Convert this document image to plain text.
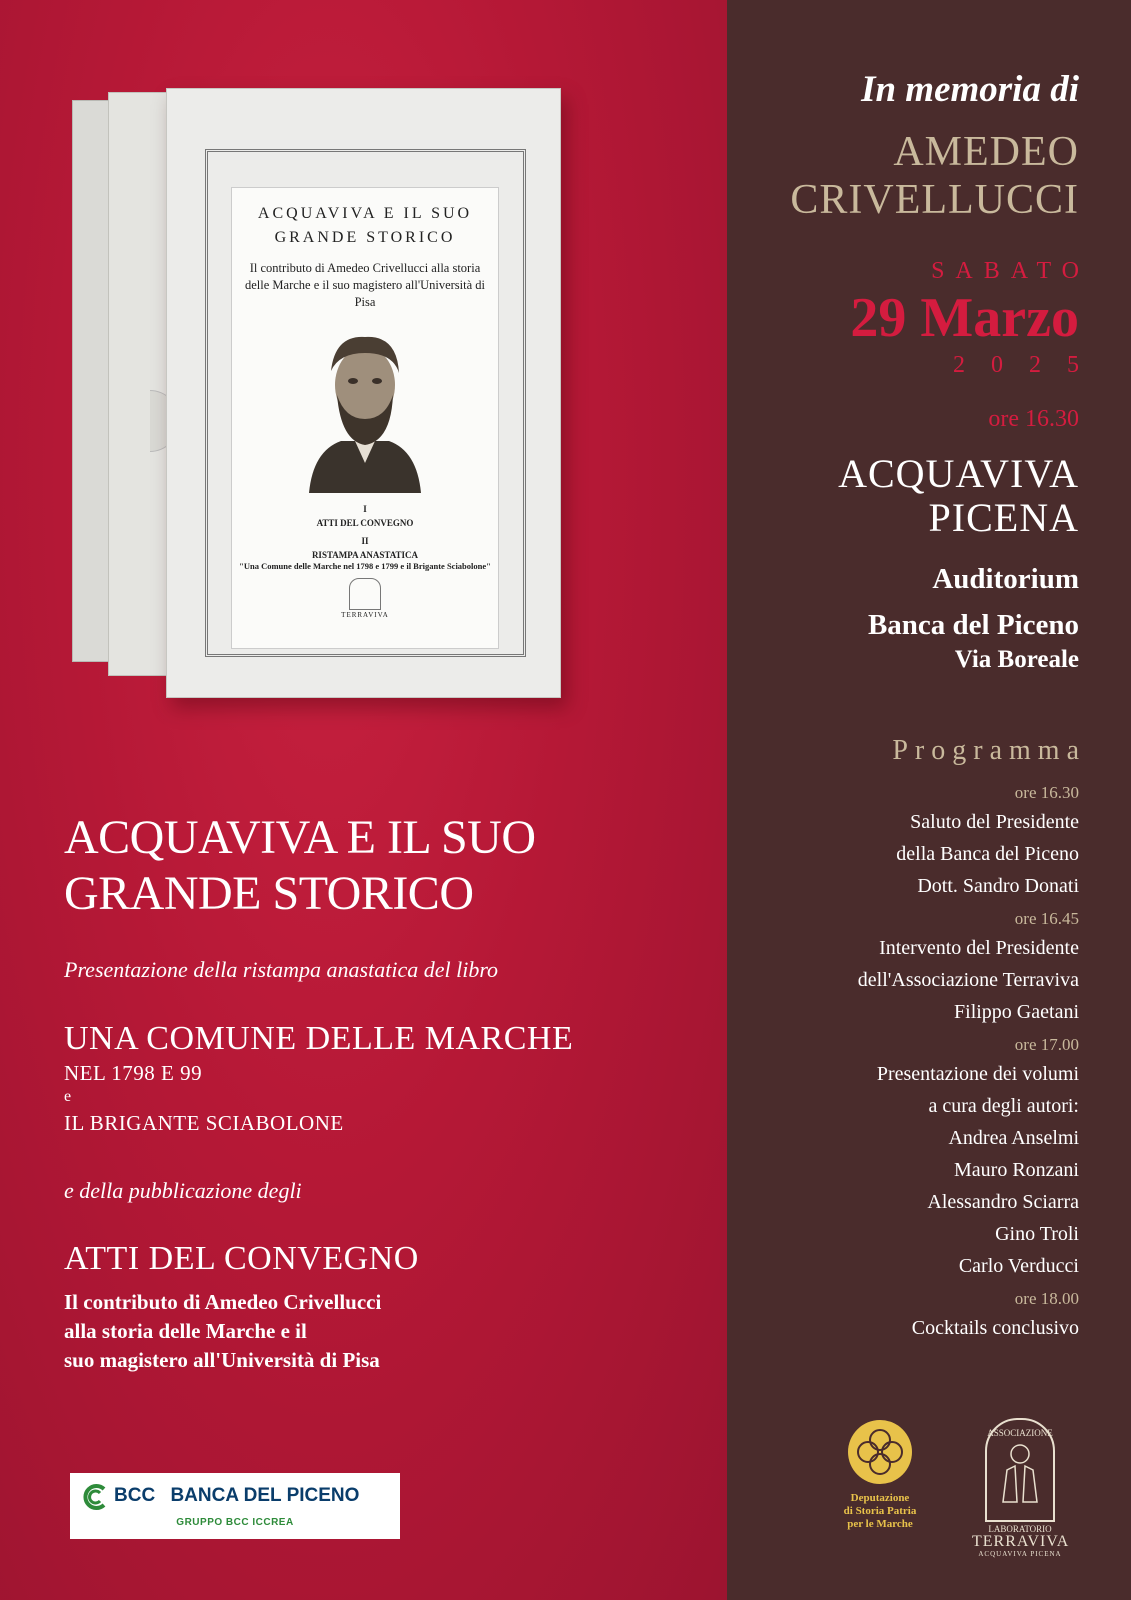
ACQUAVIVA E IL SUO GRANDE STORICO
Il contributo di Amedeo Crivellucci alla storia delle Marche e il suo magistero all'Università di Pisa
I
ATTI DEL CONVEGNO
II
RISTAMPA ANASTATICA
"Una Comune delle Marche nel 1798 e 1799 e il Brigante Sciabolone"
TERRAVIVA
ACQUAVIVA E IL SUO GRANDE STORICO
Presentazione della ristampa anastatica del libro
UNA COMUNE DELLE MARCHE
NEL 1798 E 99
e
IL BRIGANTE SCIABOLONE
e della pubblicazione degli
ATTI DEL CONVEGNO
Il contributo di Amedeo Crivellucci
alla storia delle Marche e il
suo magistero all'Università di Pisa
BCC BANCA DEL PICENO
GRUPPO BCC ICCREA
In memoria di
AMEDEO
CRIVELLUCCI
SABATO
29 Marzo
2025
ore 16.30
ACQUAVIVA
PICENA
Auditorium
Banca del Piceno
Via Boreale
Programma
ore 16.30
Saluto del Presidente
della Banca del Piceno
Dott. Sandro Donati
ore 16.45
Intervento del Presidente
dell'Associazione Terraviva
Filippo Gaetani
ore 17.00
Presentazione dei volumi
a cura degli autori:
Andrea Anselmi
Mauro Ronzani
Alessandro Sciarra
Gino Troli
Carlo Verducci
ore 18.00
Cocktails conclusivo
Deputazione
di Storia Patria
per le Marche
ASSOCIAZIONE
LABORATORIO
TERRAVIVA
ACQUAVIVA PICENA
